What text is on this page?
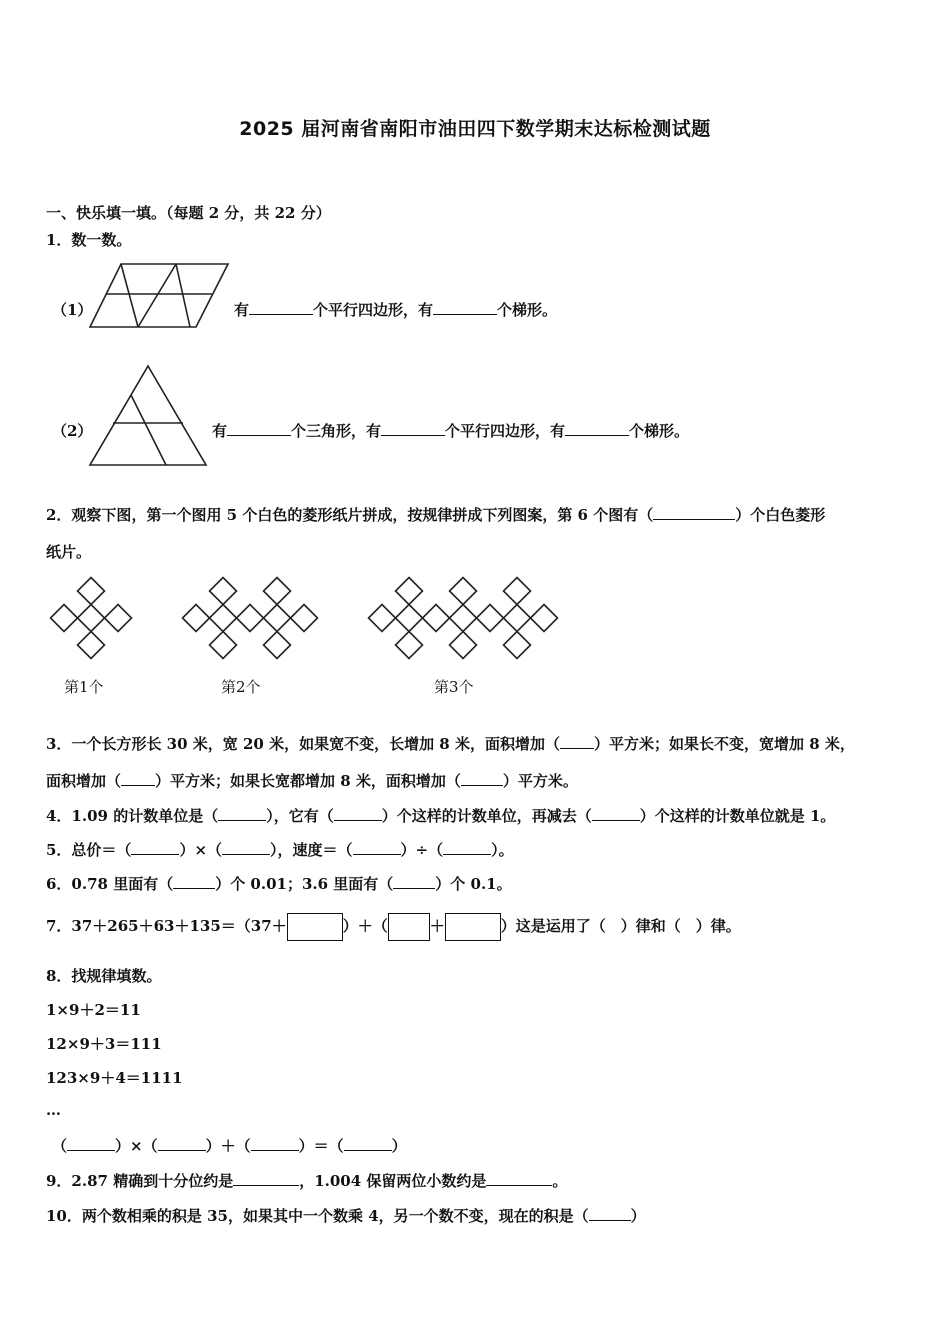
2025 届河南省南阳市油田四下数学期末达标检测试题
一、快乐填一填。（每题 2 分，共 22 分）
1．数一数。
（1）	有	个平行四边形，有	个梯形。
（2）	有	个三角形，有	个平行四边形，有	个梯形。
2．观察下图，第一个图用 5 个白色的菱形纸片拼成，按规律拼成下列图案，第 6 个图有（	）个白色菱形
纸片。
第1个	第2个	第3个
3．一个长方形长 30 米，宽 20 米，如果宽不变，长增加 8 米，面积增加（ ）平方米；如果长不变，宽增加 8 米，
面积增加（ ）平方米；如果长宽都增加 8 米，面积增加（	）平方米。
4．1.09 的计数单位是（	），它有（	）个这样的计数单位，再减去（	）个这样的计数单位就是 1。
5．总价＝（	）×（	），速度＝（	）÷（	）。
6．0.78 里面有（	）个 0.01；3.6 里面有（	）个 0.1。
7．37＋265＋63＋135＝（37＋	）＋（	＋	）这是运用了（　）律和（　）律。
8．找规律填数。
1×9＋2＝11
12×9＋3＝111
123×9＋4＝1111
…
（	）×（	）＋（	）＝（	）
9．2.87 精确到十分位约是	，1.004 保留两位小数约是	。
10．两个数相乘的积是 35，如果其中一个数乘 4，另一个数不变，现在的积是（	）
